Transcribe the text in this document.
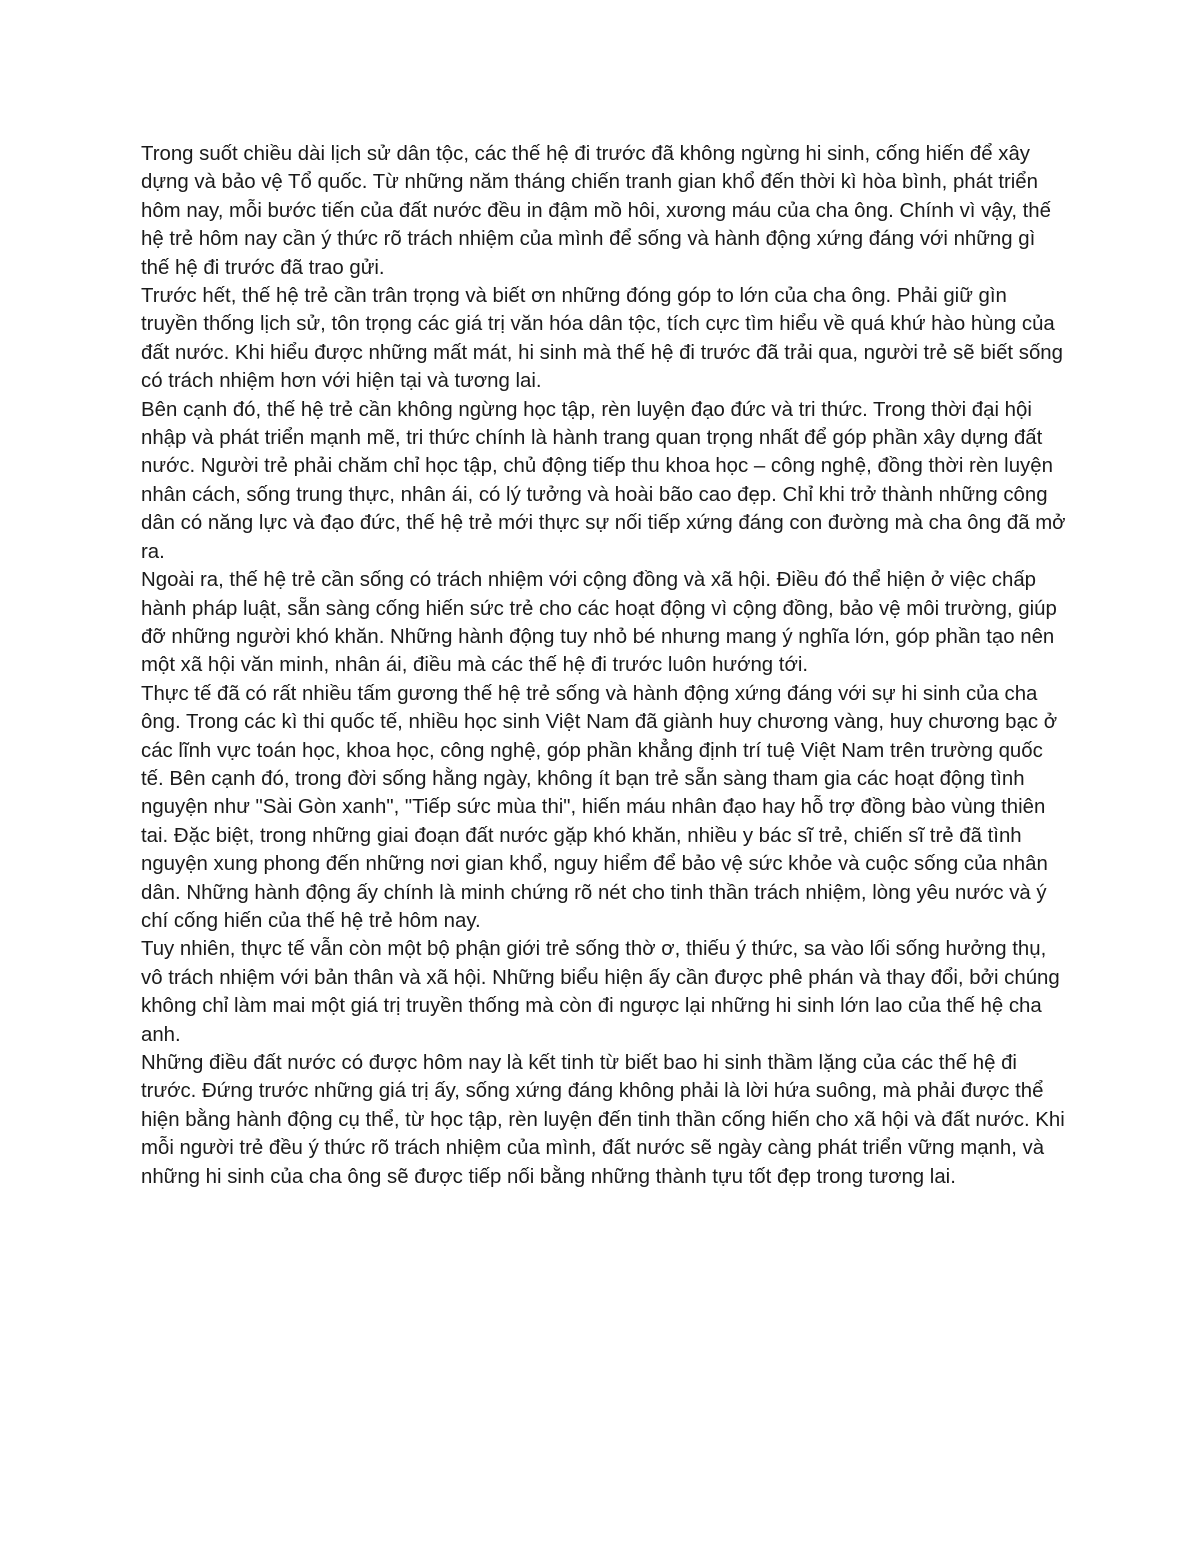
Trong suốt chiều dài lịch sử dân tộc, các thế hệ đi trước đã không ngừng hi sinh, cống hiến để xây dựng và bảo vệ Tổ quốc. Từ những năm tháng chiến tranh gian khổ đến thời kì hòa bình, phát triển hôm nay, mỗi bước tiến của đất nước đều in đậm mồ hôi, xương máu của cha ông. Chính vì vậy, thế hệ trẻ hôm nay cần ý thức rõ trách nhiệm của mình để sống và hành động xứng đáng với những gì thế hệ đi trước đã trao gửi.

Trước hết, thế hệ trẻ cần trân trọng và biết ơn những đóng góp to lớn của cha ông. Phải giữ gìn truyền thống lịch sử, tôn trọng các giá trị văn hóa dân tộc, tích cực tìm hiểu về quá khứ hào hùng của đất nước. Khi hiểu được những mất mát, hi sinh mà thế hệ đi trước đã trải qua, người trẻ sẽ biết sống có trách nhiệm hơn với hiện tại và tương lai.

Bên cạnh đó, thế hệ trẻ cần không ngừng học tập, rèn luyện đạo đức và tri thức. Trong thời đại hội nhập và phát triển mạnh mẽ, tri thức chính là hành trang quan trọng nhất để góp phần xây dựng đất nước. Người trẻ phải chăm chỉ học tập, chủ động tiếp thu khoa học – công nghệ, đồng thời rèn luyện nhân cách, sống trung thực, nhân ái, có lý tưởng và hoài bão cao đẹp. Chỉ khi trở thành những công dân có năng lực và đạo đức, thế hệ trẻ mới thực sự nối tiếp xứng đáng con đường mà cha ông đã mở ra.

Ngoài ra, thế hệ trẻ cần sống có trách nhiệm với cộng đồng và xã hội. Điều đó thể hiện ở việc chấp hành pháp luật, sẵn sàng cống hiến sức trẻ cho các hoạt động vì cộng đồng, bảo vệ môi trường, giúp đỡ những người khó khăn. Những hành động tuy nhỏ bé nhưng mang ý nghĩa lớn, góp phần tạo nên một xã hội văn minh, nhân ái, điều mà các thế hệ đi trước luôn hướng tới.

Thực tế đã có rất nhiều tấm gương thế hệ trẻ sống và hành động xứng đáng với sự hi sinh của cha ông. Trong các kì thi quốc tế, nhiều học sinh Việt Nam đã giành huy chương vàng, huy chương bạc ở các lĩnh vực toán học, khoa học, công nghệ, góp phần khẳng định trí tuệ Việt Nam trên trường quốc tế. Bên cạnh đó, trong đời sống hằng ngày, không ít bạn trẻ sẵn sàng tham gia các hoạt động tình nguyện như "Sài Gòn xanh", "Tiếp sức mùa thi", hiến máu nhân đạo hay hỗ trợ đồng bào vùng thiên tai. Đặc biệt, trong những giai đoạn đất nước gặp khó khăn, nhiều y bác sĩ trẻ, chiến sĩ trẻ đã tình nguyện xung phong đến những nơi gian khổ, nguy hiểm để bảo vệ sức khỏe và cuộc sống của nhân dân. Những hành động ấy chính là minh chứng rõ nét cho tinh thần trách nhiệm, lòng yêu nước và ý chí cống hiến của thế hệ trẻ hôm nay.

Tuy nhiên, thực tế vẫn còn một bộ phận giới trẻ sống thờ ơ, thiếu ý thức, sa vào lối sống hưởng thụ, vô trách nhiệm với bản thân và xã hội. Những biểu hiện ấy cần được phê phán và thay đổi, bởi chúng không chỉ làm mai một giá trị truyền thống mà còn đi ngược lại những hi sinh lớn lao của thế hệ cha anh.

Những điều đất nước có được hôm nay là kết tinh từ biết bao hi sinh thầm lặng của các thế hệ đi trước. Đứng trước những giá trị ấy, sống xứng đáng không phải là lời hứa suông, mà phải được thể hiện bằng hành động cụ thể, từ học tập, rèn luyện đến tinh thần cống hiến cho xã hội và đất nước. Khi mỗi người trẻ đều ý thức rõ trách nhiệm của mình, đất nước sẽ ngày càng phát triển vững mạnh, và những hi sinh của cha ông sẽ được tiếp nối bằng những thành tựu tốt đẹp trong tương lai.
